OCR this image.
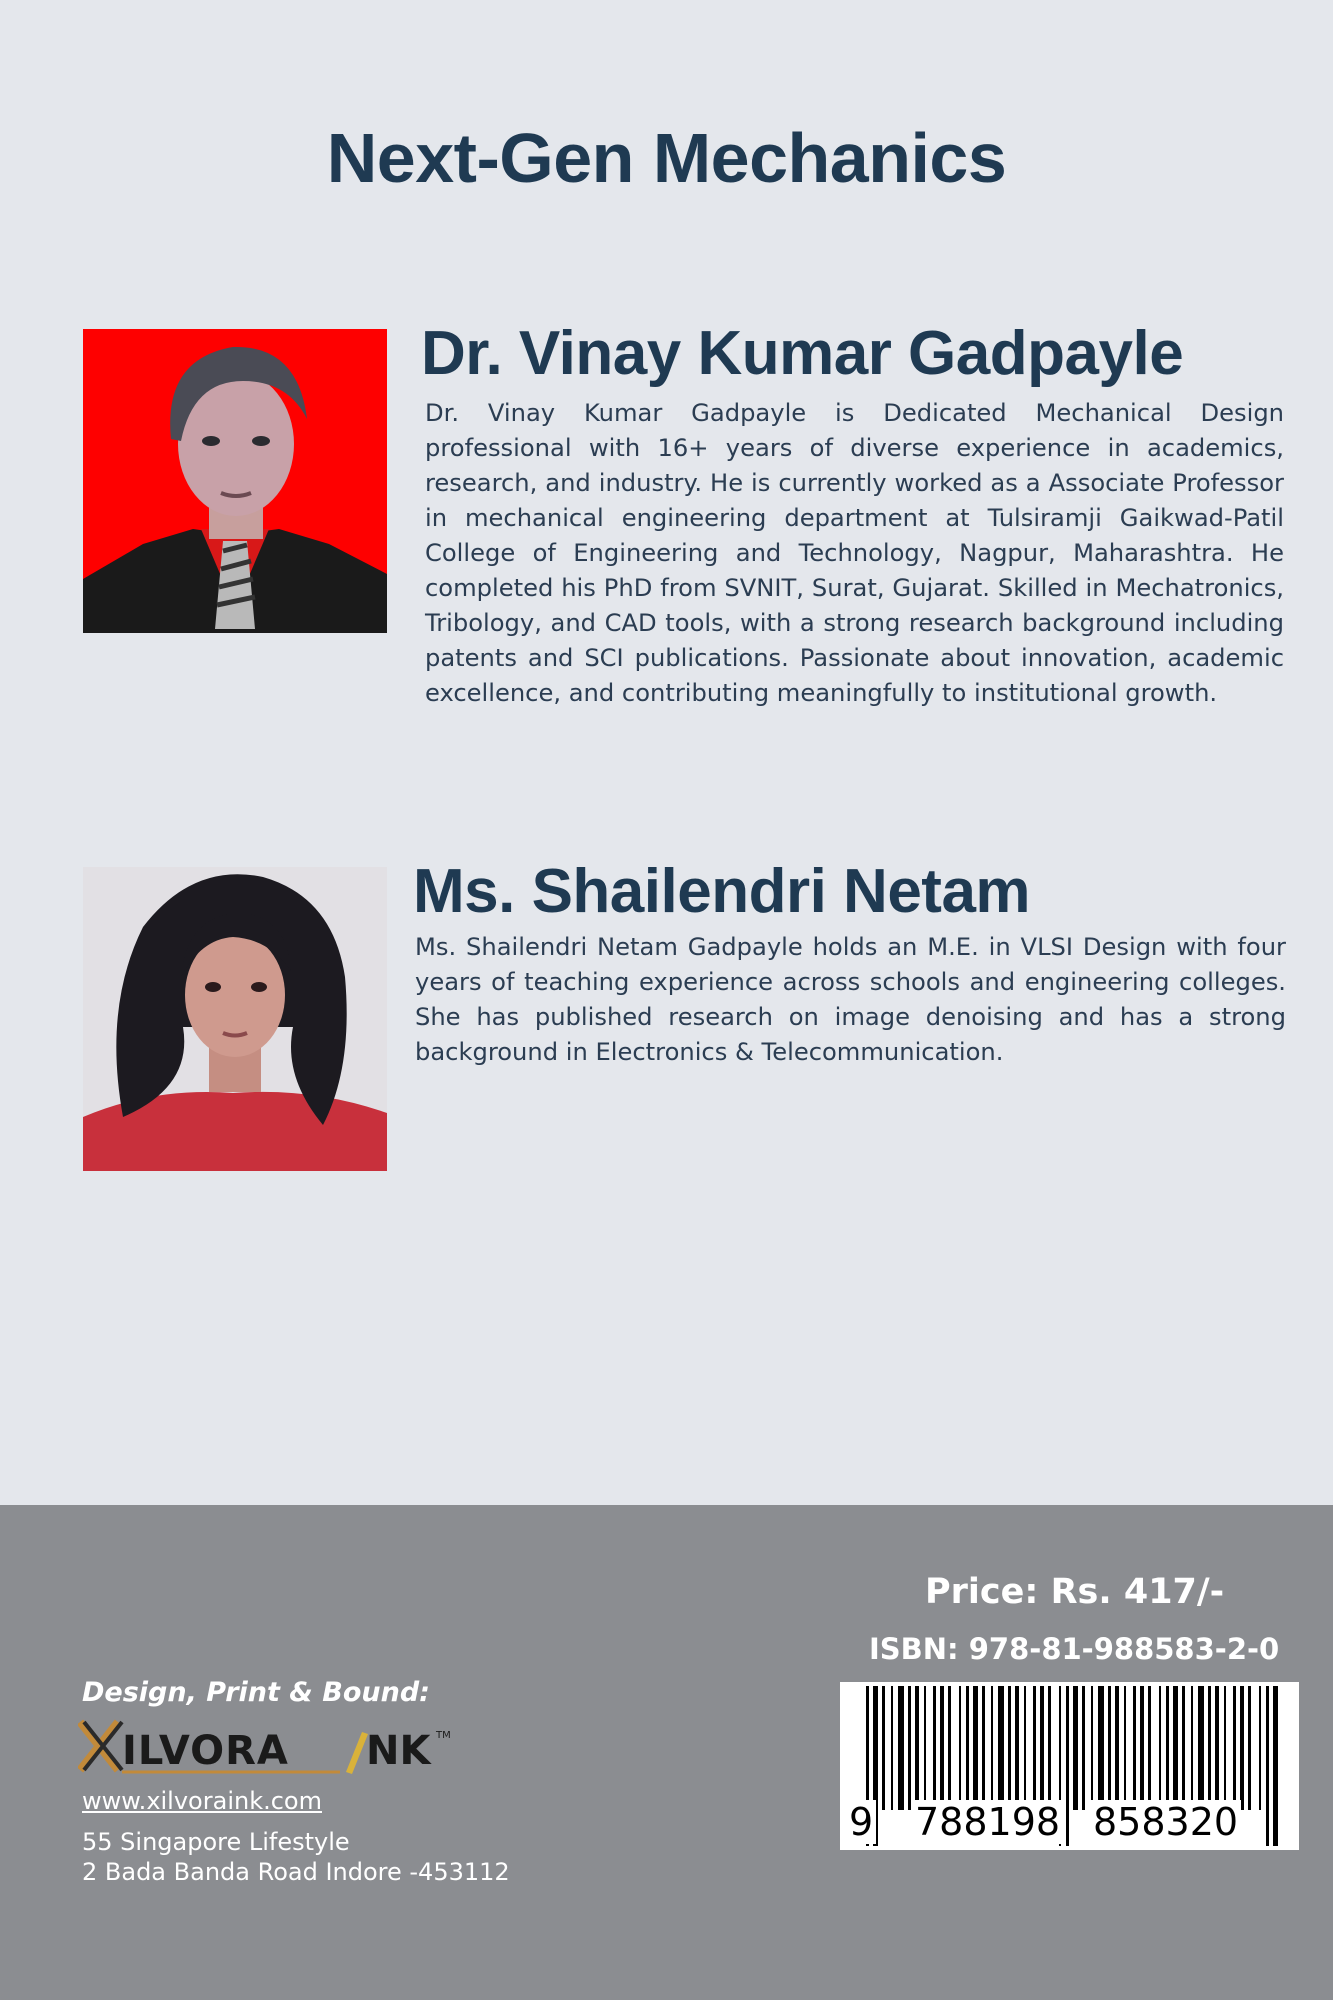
Next-Gen Mechanics
Dr. Vinay Kumar Gadpayle
Dr. Vinay Kumar Gadpayle is Dedicated Mechanical Design professional with 16+ years of diverse experience in academics, research, and industry. He is currently worked as a Associate Professor in mechanical engineering department at Tulsiramji Gaikwad-Patil College of Engineering and Technology, Nagpur, Maharashtra. He completed his PhD from SVNIT, Surat, Gujarat. Skilled in Mechatronics, Tribology, and CAD tools, with a strong research background including patents and SCI publications. Passionate about innovation, academic excellence, and contributing meaningfully to institutional growth.
Ms. Shailendri Netam
Ms. Shailendri Netam Gadpayle holds an M.E. in VLSI Design with four years of teaching experience across schools and engineering colleges. She has published research on image denoising and has a strong background in Electronics & Telecommunication.
Design, Print & Bound:
ILVORA NK TM
www.xilvoraink.com
55 Singapore Lifestyle
2 Bada Banda Road Indore -453112
Price: Rs. 417/-
ISBN: 978-81-988583-2-0
9 788198 858320
